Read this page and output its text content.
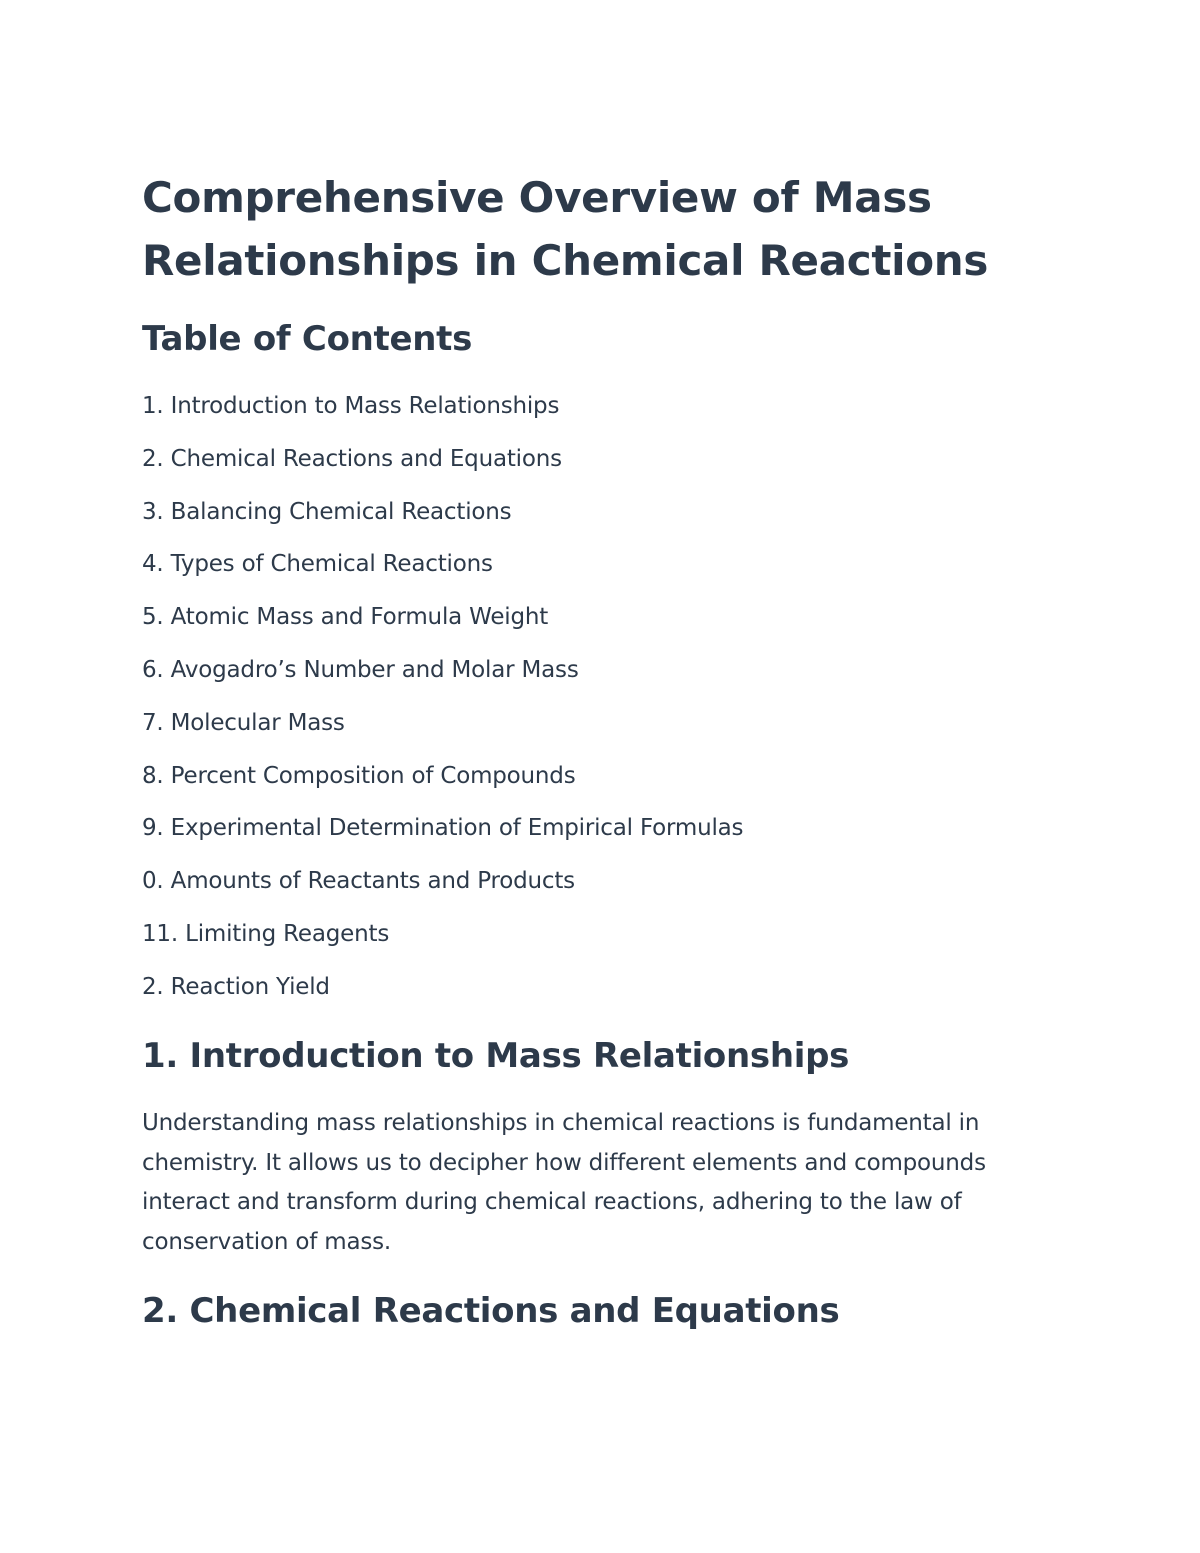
Comprehensive Overview of Mass Relationships in Chemical Reactions
Table of Contents
1. Introduction to Mass Relationships
2. Chemical Reactions and Equations
3. Balancing Chemical Reactions
4. Types of Chemical Reactions
5. Atomic Mass and Formula Weight
6. Avogadro’s Number and Molar Mass
7. Molecular Mass
8. Percent Composition of Compounds
9. Experimental Determination of Empirical Formulas
0. Amounts of Reactants and Products
11. Limiting Reagents
2. Reaction Yield
1. Introduction to Mass Relationships

Understanding mass relationships in chemical reactions is fundamental in chemistry. It allows us to decipher how different elements and compounds interact and transform during chemical reactions, adhering to the law of conservation of mass.

2. Chemical Reactions and Equations
